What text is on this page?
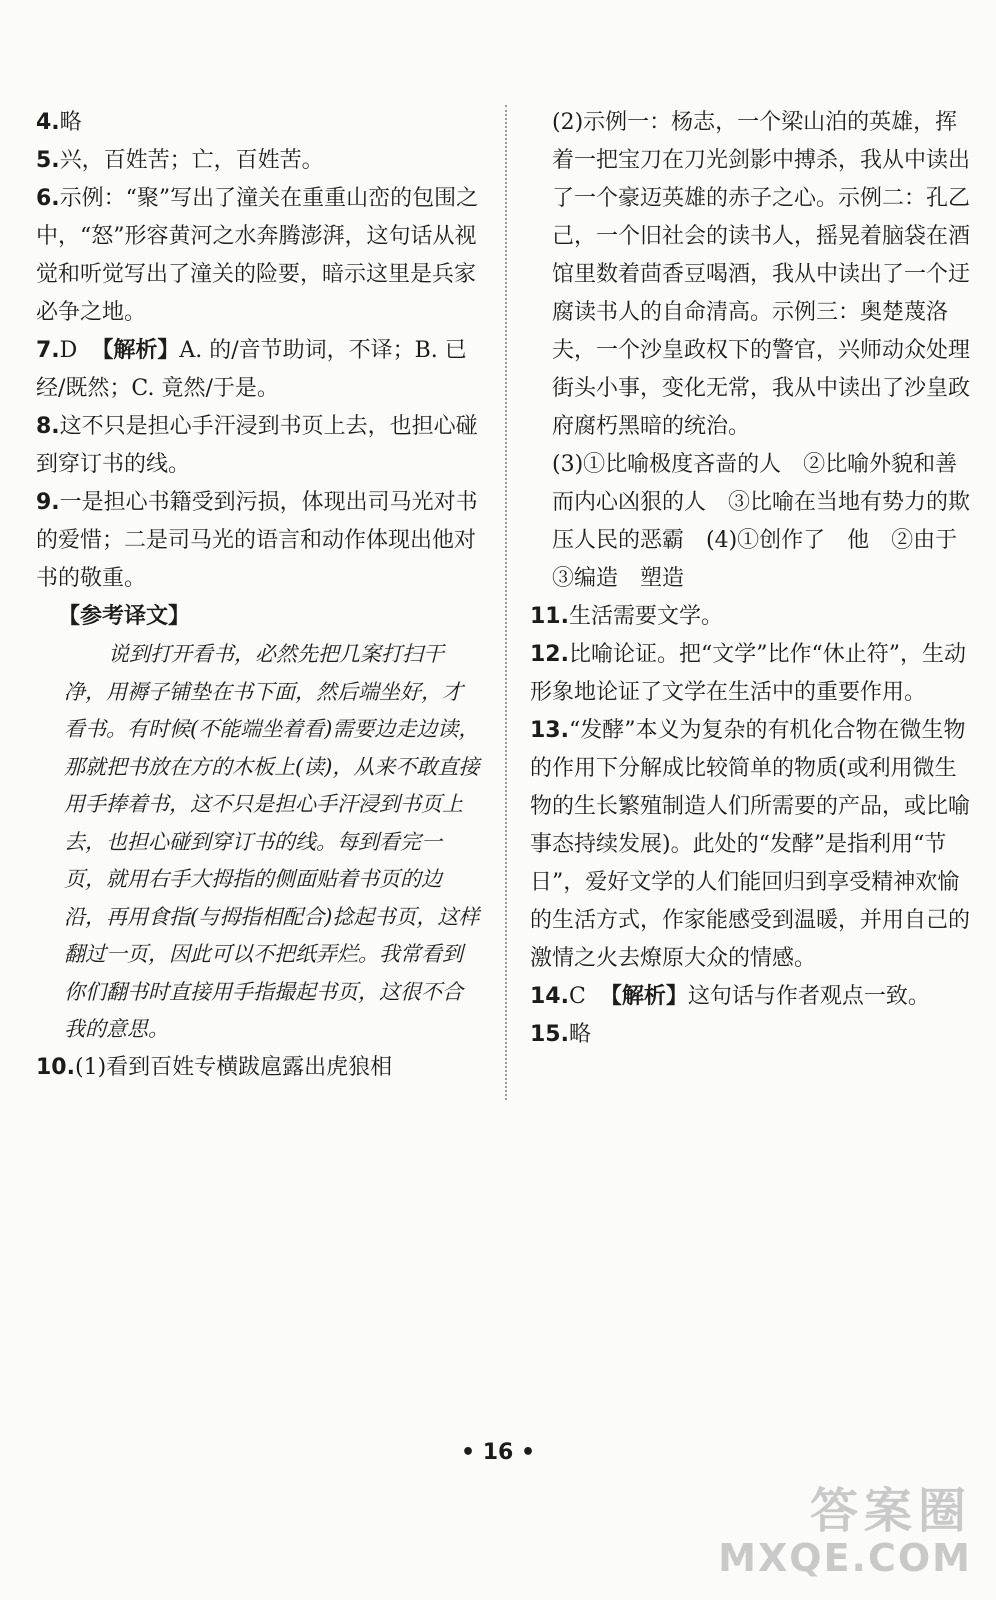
4.略

5.兴，百姓苦；亡，百姓苦。

6.示例：“聚”写出了潼关在重重山峦的包围之中，“怒”形容黄河之水奔腾澎湃，这句话从视觉和听觉写出了潼关的险要，暗示这里是兵家必争之地。

7.D 【解析】A. 的/音节助词，不译；B. 已经/既然；C. 竟然/于是。

8.这不只是担心手汗浸到书页上去，也担心碰到穿订书的线。

9.一是担心书籍受到污损，体现出司马光对书的爱惜；二是司马光的语言和动作体现出他对书的敬重。

【参考译文】

说到打开看书，必然先把几案打扫干净，用褥子铺垫在书下面，然后端坐好，才看书。有时候(不能端坐着看)需要边走边读，那就把书放在方的木板上(读)，从来不敢直接用手捧着书，这不只是担心手汗浸到书页上去，也担心碰到穿订书的线。每到看完一页，就用右手大拇指的侧面贴着书页的边沿，再用食指(与拇指相配合)捻起书页，这样翻过一页，因此可以不把纸弄烂。我常看到你们翻书时直接用手指撮起书页，这很不合我的意思。

10.(1)看到百姓专横跋扈露出虎狼相

(2)示例一：杨志，一个梁山泊的英雄，挥着一把宝刀在刀光剑影中搏杀，我从中读出了一个豪迈英雄的赤子之心。示例二：孔乙己，一个旧社会的读书人，摇晃着脑袋在酒馆里数着茴香豆喝酒，我从中读出了一个迂腐读书人的自命清高。示例三：奥楚蔑洛夫，一个沙皇政权下的警官，兴师动众处理街头小事，变化无常，我从中读出了沙皇政府腐朽黑暗的统治。

(3)①比喻极度吝啬的人　②比喻外貌和善而内心凶狠的人　③比喻在当地有势力的欺压人民的恶霸　(4)①创作了　他　②由于　③编造　塑造

11.生活需要文学。

12.比喻论证。把“文学”比作“休止符”，生动形象地论证了文学在生活中的重要作用。

13.“发酵”本义为复杂的有机化合物在微生物的作用下分解成比较简单的物质(或利用微生物的生长繁殖制造人们所需要的产品，或比喻事态持续发展)。此处的“发酵”是指利用“节日”，爱好文学的人们能回归到享受精神欢愉的生活方式，作家能感受到温暖，并用自己的激情之火去燎原大众的情感。

14.C 【解析】这句话与作者观点一致。

15.略

• 16 •
答案圈
MXQE.COM
